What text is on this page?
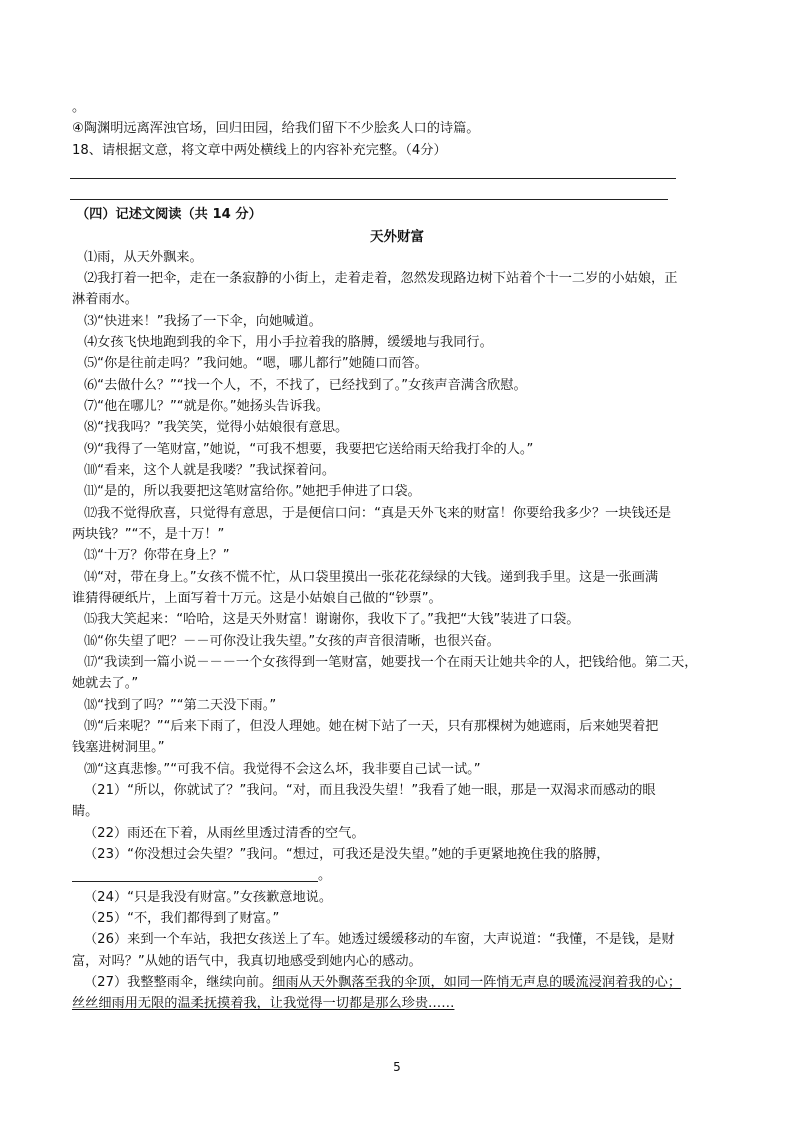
。
④陶渊明远离浑浊官场，回归田园，给我们留下不少脍炙人口的诗篇。
18、请根据文意，将文章中两处横线上的内容补充完整。（4分）
（四）记述文阅读（共 14 分）
天外财富
⑴雨，从天外飘来。
⑵我打着一把伞，走在一条寂静的小街上，走着走着，忽然发现路边树下站着个十一二岁的小姑娘，正
淋着雨水。
⑶“快进来！”我扬了一下伞，向她喊道。
⑷女孩飞快地跑到我的伞下，用小手拉着我的胳膊，缓缓地与我同行。
⑸“你是往前走吗？”我问她。“嗯，哪儿都行”她随口而答。
⑹“去做什么？”“找一个人，不，不找了，已经找到了。”女孩声音满含欣慰。
⑺“他在哪儿？”“就是你。”她扬头告诉我。
⑻“找我吗？”我笑笑，觉得小姑娘很有意思。
⑼“我得了一笔财富，”她说，“可我不想要，我要把它送给雨天给我打伞的人。”
⑽“看来，这个人就是我喽？”我试探着问。
⑾“是的，所以我要把这笔财富给你。”她把手伸进了口袋。
⑿我不觉得欣喜，只觉得有意思，于是便信口问：“真是天外飞来的财富！你要给我多少？一块钱还是
两块钱？”“不，是十万！”
⒀“十万？你带在身上？”
⒁“对，带在身上。”女孩不慌不忙，从口袋里摸出一张花花绿绿的大钱。递到我手里。这是一张画满
谁猜得硬纸片，上面写着十万元。这是小姑娘自己做的“钞票”。
⒂我大笑起来：“哈哈，这是天外财富！谢谢你，我收下了。”我把“大钱”装进了口袋。
⒃“你失望了吧？－－可你没让我失望。”女孩的声音很清晰，也很兴奋。
⒄“我读到一篇小说－－－一个女孩得到一笔财富，她要找一个在雨天让她共伞的人，把钱给他。第二天，
她就去了。”
⒅“找到了吗？”“第二天没下雨。”
⒆“后来呢？”“后来下雨了，但没人理她。她在树下站了一天，只有那棵树为她遮雨，后来她哭着把
钱塞进树洞里。”
⒇“这真悲惨。”“可我不信。我觉得不会这么坏，我非要自己试一试。”
（21）“所以，你就试了？”我问。“对，而且我没失望！”我看了她一眼，那是一双渴求而感动的眼
睛。
（22）雨还在下着，从雨丝里透过清香的空气。
（23）“你没想过会失望？”我问。“想过，可我还是没失望。”她的手更紧地挽住我的胳膊，
。
（24）“只是我没有财富。”女孩歉意地说。
（25）“不，我们都得到了财富。”
（26）来到一个车站，我把女孩送上了车。她透过缓缓移动的车窗，大声说道：“我懂，不是钱，是财
富，对吗？”从她的语气中，我真切地感受到她内心的感动。
（27）我整整雨伞，继续向前。细雨从天外飘落至我的伞顶，如同一阵悄无声息的暖流浸润着我的心；
丝丝细雨用无限的温柔抚摸着我，让我觉得一切都是那么珍贵……
5
